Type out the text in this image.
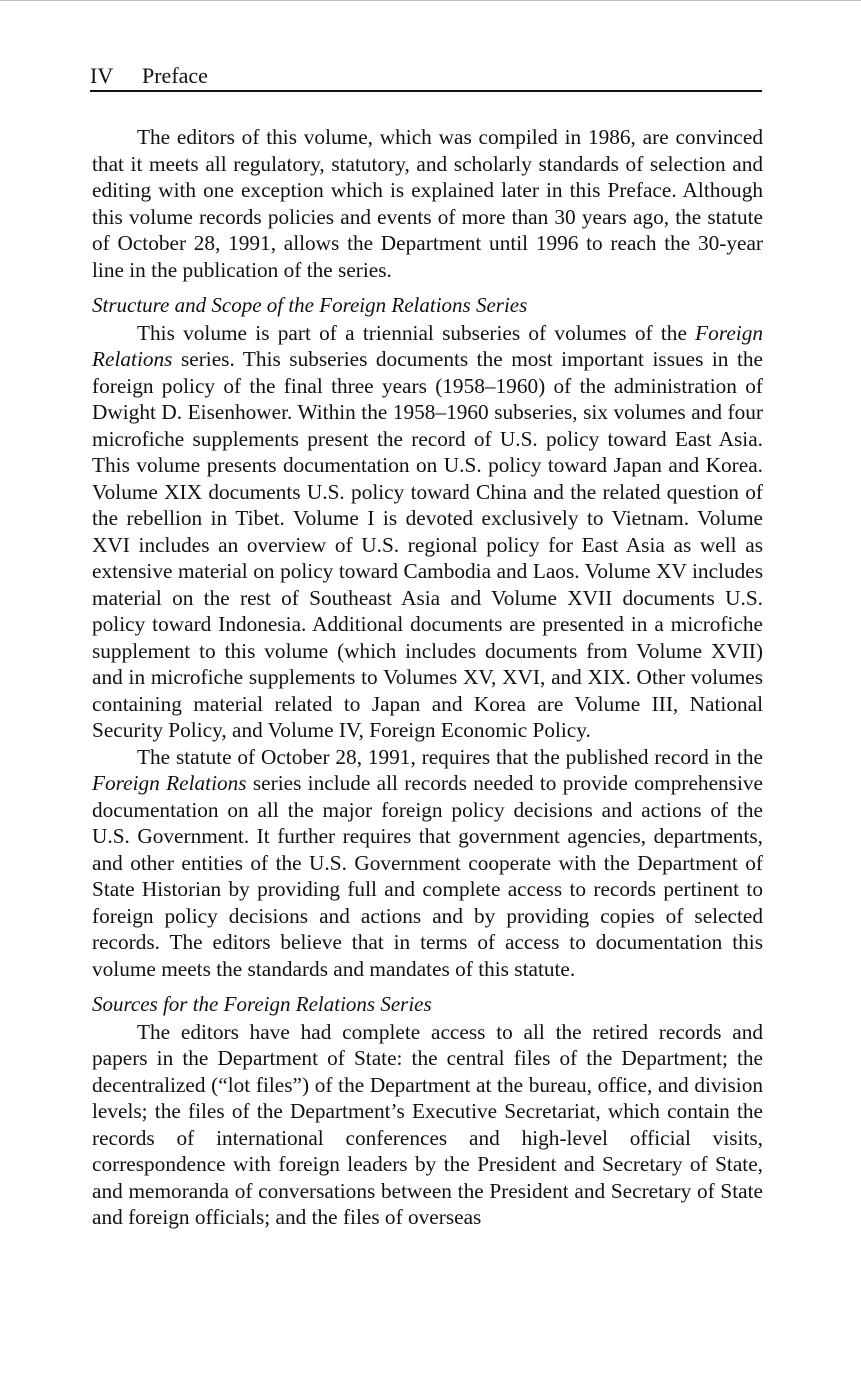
IV Preface

The editors of this volume, which was compiled in 1986, are convinced that it meets all regulatory, statutory, and scholarly standards of selection and editing with one exception which is explained later in this Preface. Although this volume records policies and events of more than 30 years ago, the statute of October 28, 1991, allows the Department until 1996 to reach the 30-year line in the publication of the series.

Structure and Scope of the Foreign Relations Series

This volume is part of a triennial subseries of volumes of the Foreign Relations series. This subseries documents the most important issues in the foreign policy of the final three years (1958–1960) of the administration of Dwight D. Eisenhower. Within the 1958–1960 subseries, six volumes and four microfiche supplements present the record of U.S. policy toward East Asia. This volume presents documentation on U.S. policy toward Japan and Korea. Volume XIX documents U.S. policy toward China and the related question of the rebellion in Tibet. Volume I is devoted exclusively to Vietnam. Volume XVI includes an overview of U.S. regional policy for East Asia as well as extensive material on policy toward Cambodia and Laos. Volume XV includes material on the rest of Southeast Asia and Volume XVII documents U.S. policy toward Indonesia. Additional documents are presented in a microfiche supplement to this volume (which includes documents from Volume XVII) and in microfiche supplements to Volumes XV, XVI, and XIX. Other volumes containing material related to Japan and Korea are Volume III, National Security Policy, and Volume IV, Foreign Economic Policy.

The statute of October 28, 1991, requires that the published record in the Foreign Relations series include all records needed to provide comprehensive documentation on all the major foreign policy decisions and actions of the U.S. Government. It further requires that government agencies, departments, and other entities of the U.S. Government cooperate with the Department of State Historian by providing full and complete access to records pertinent to foreign policy decisions and actions and by providing copies of selected records. The editors believe that in terms of access to documentation this volume meets the standards and mandates of this statute.

Sources for the Foreign Relations Series

The editors have had complete access to all the retired records and papers in the Department of State: the central files of the Department; the decentralized (“lot files”) of the Department at the bureau, office, and division levels; the files of the Department’s Executive Secretariat, which contain the records of international conferences and high-level official visits, correspondence with foreign leaders by the President and Secretary of State, and memoranda of conversations between the President and Secretary of State and foreign officials; and the files of overseas
